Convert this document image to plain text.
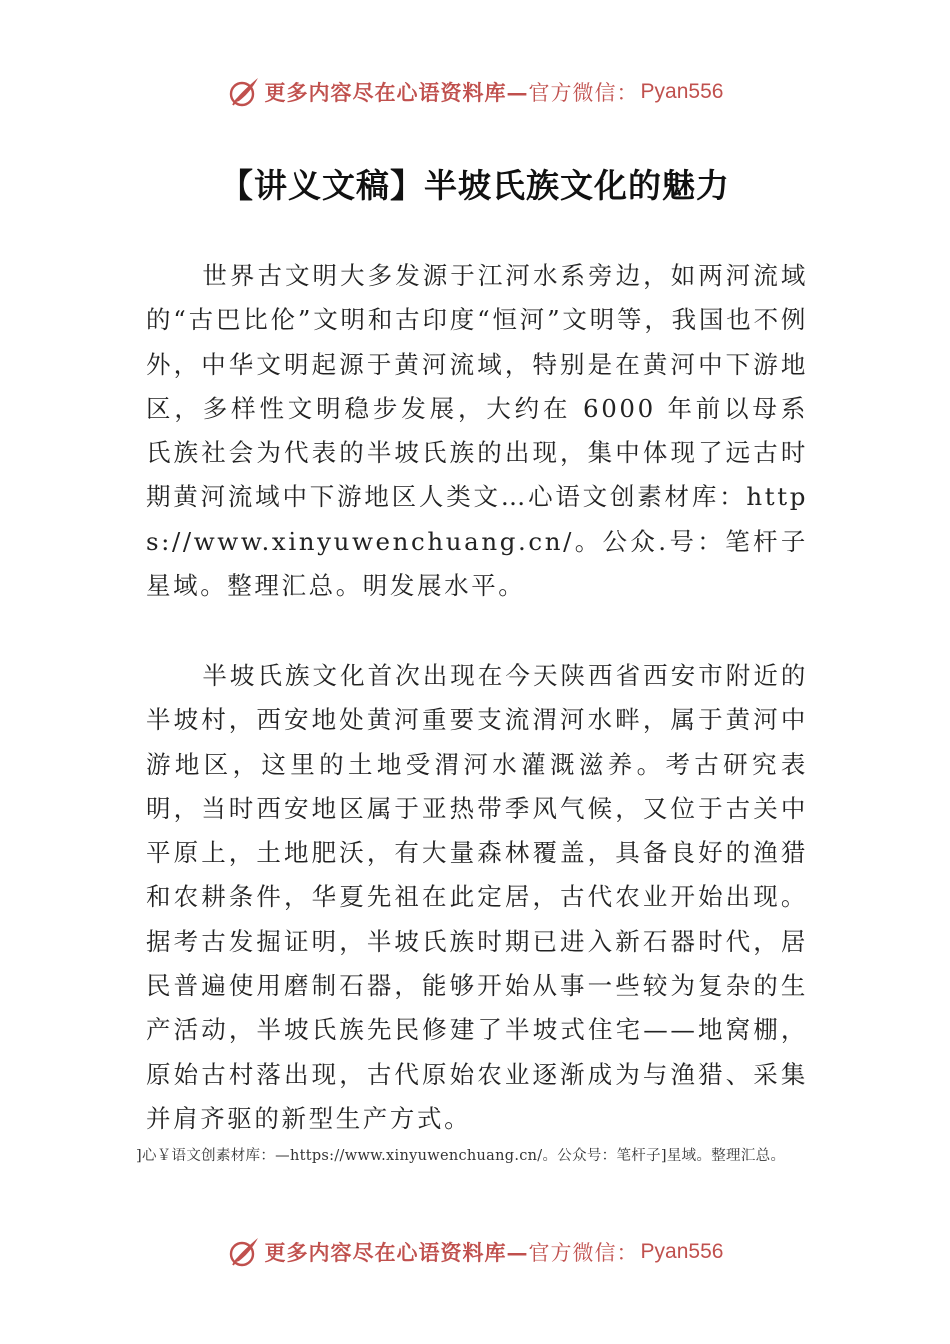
更多内容尽在心语资料库— 官方微信： Pyan556
【讲义文稿】半坡氏族文化的魅力

世界古文明大多发源于江河水系旁边，如两河流域的“古巴比伦”文明和古印度“恒河”文明等，我国也不例外，中华文明起源于黄河流域，特别是在黄河中下游地区，多样性文明稳步发展，大约在 6000 年前以母系氏族社会为代表的半坡氏族的出现，集中体现了远古时期黄河流域中下游地区人类文…心语文创素材库：https://www.xinyuwenchuang.cn/。公众.号：笔杆子星域。整理汇总。明发展水平。

半坡氏族文化首次出现在今天陕西省西安市附近的半坡村，西安地处黄河重要支流渭河水畔，属于黄河中游地区，这里的土地受渭河水灌溉滋养。考古研究表明，当时西安地区属于亚热带季风气候，又位于古关中平原上，土地肥沃，有大量森林覆盖，具备良好的渔猎和农耕条件，华夏先祖在此定居，古代农业开始出现。据考古发掘证明，半坡氏族时期已进入新石器时代，居民普遍使用磨制石器，能够开始从事一些较为复杂的生产活动，半坡氏族先民修建了半坡式住宅——地窝棚，原始古村落出现，古代原始农业逐渐成为与渔猎、采集并肩齐驱的新型生产方式。

]心￥语文创素材库：—https://www.xinyuwenchuang.cn/。公众号：笔杆子]星域。整理汇总。

更多内容尽在心语资料库— 官方微信： Pyan556
